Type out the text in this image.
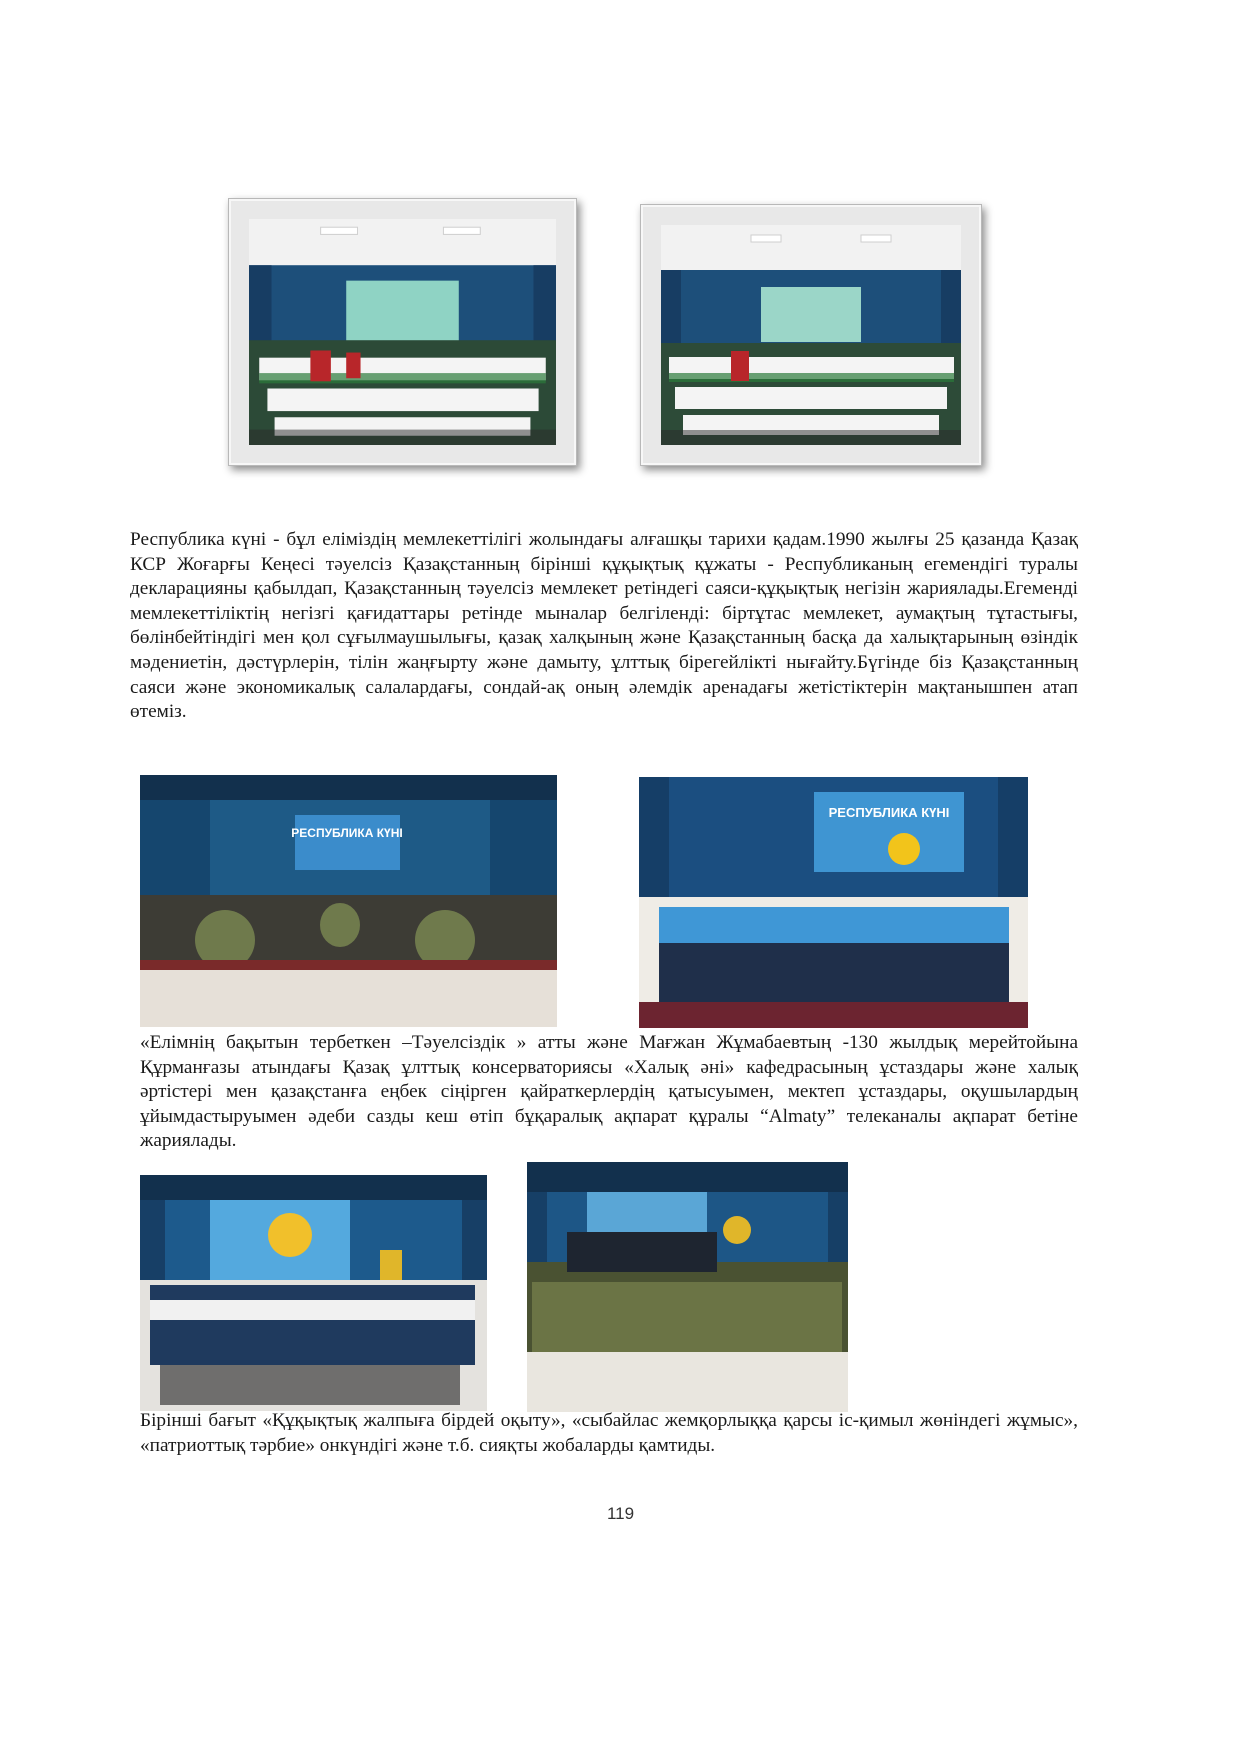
Республика күні - бұл еліміздің мемлекеттілігі жолындағы алғашқы тарихи қадам.1990 жылғы 25 қазанда Қазақ КСР Жоғарғы Кеңесі тәуелсіз Қазақстанның бірінші құқықтық құжаты - Республиканың егемендігі туралы декларацияны қабылдап, Қазақстанның тәуелсіз мемлекет ретіндегі саяси-құқықтық негізін жариялады.Егеменді мемлекеттіліктің негізгі қағидаттары ретінде мыналар белгіленді: біртұтас мемлекет, аумақтың тұтастығы, бөлінбейтіндігі мен қол сұғылмаушылығы, қазақ халқының және Қазақстанның басқа да халықтарының өзіндік мәдениетін, дәстүрлерін, тілін жаңғырту және дамыту, ұлттық бірегейлікті нығайту.Бүгінде біз Қазақстанның саяси және экономикалық салалардағы, сондай-ақ оның әлемдік аренадағы жетістіктерін мақтанышпен атап өтеміз.

РЕСПУБЛИКА КҮНІ
РЕСПУБЛИКА КҮНІ

«Елімнің бақытын тербеткен –Тәуелсіздік » атты және Мағжан Жұмабаевтың -130 жылдық мерейтойына Құрманғазы атындағы Қазақ ұлттық консерваториясы «Халық әні» кафедрасының ұстаздары және халық әртістері мен қазақстанға еңбек сіңірген қайраткерлердің қатысуымен, мектеп ұстаздары, оқушылардың ұйымдастыруымен әдеби сазды кеш өтіп бұқаралық ақпарат құралы “Almaty” телеканалы ақпарат бетіне жариялады.

Бірінші бағыт «Құқықтық жалпыға бірдей оқыту», «сыбайлас жемқорлыққа қарсы іс-қимыл жөніндегі жұмыс», «патриоттық тәрбие» онкүндігі және т.б. сияқты жобаларды қамтиды.

119
